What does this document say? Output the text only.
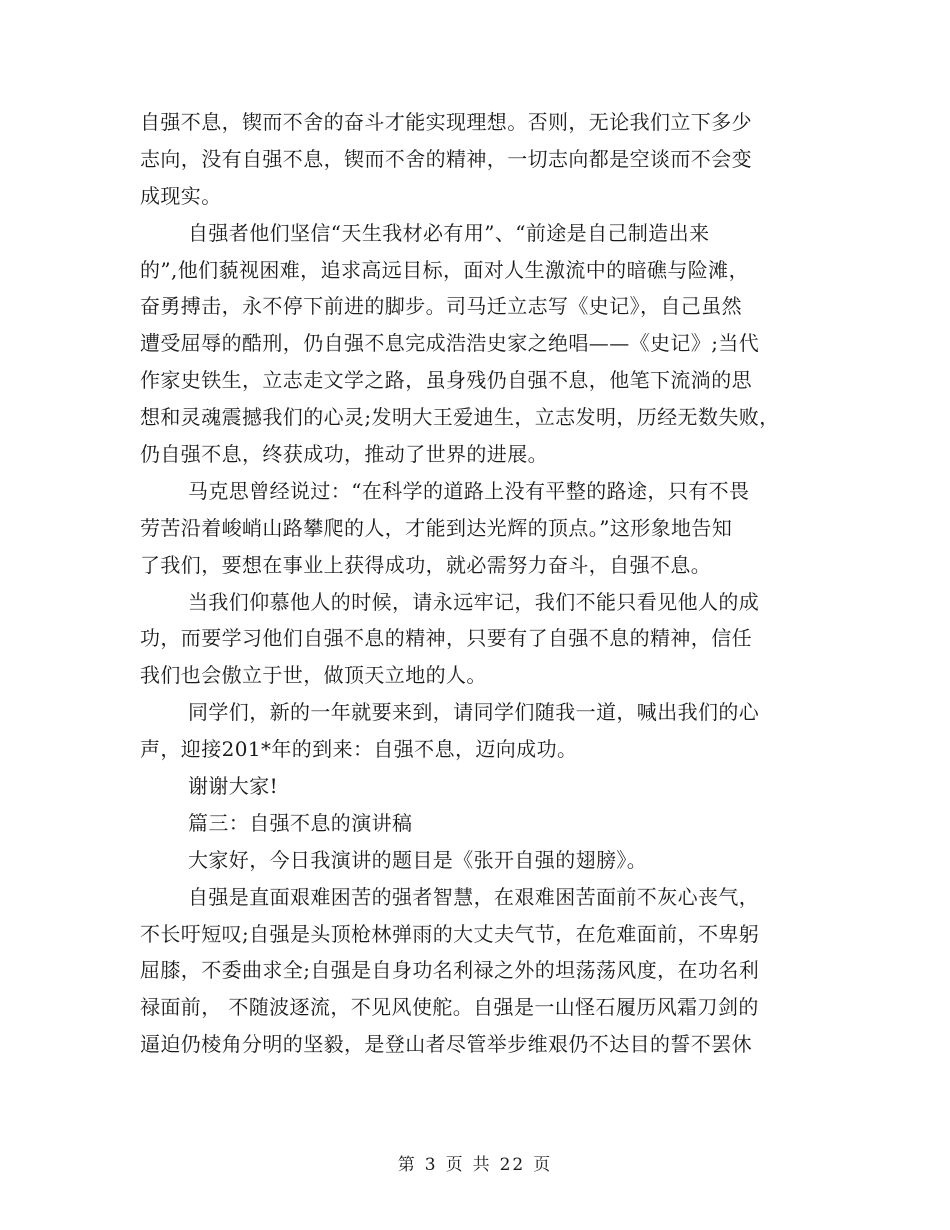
自强不息，锲而不舍的奋斗才能实现理想。否则，无论我们立下多少
志向，没有自强不息，锲而不舍的精神，一切志向都是空谈而不会变
成现实。
自强者他们坚信“天生我材必有用”、“前途是自己制造出来
的”,他们藐视困难，追求高远目标，面对人生激流中的暗礁与险滩，
奋勇搏击，永不停下前进的脚步。司马迁立志写《史记》，自己虽然
遭受屈辱的酷刑，仍自强不息完成浩浩史家之绝唱——《史记》;当代
作家史铁生，立志走文学之路，虽身残仍自强不息，他笔下流淌的思
想和灵魂震撼我们的心灵;发明大王爱迪生，立志发明，历经无数失败，
仍自强不息，终获成功，推动了世界的进展。
马克思曾经说过：“在科学的道路上没有平整的路途，只有不畏
劳苦沿着峻峭山路攀爬的人，才能到达光辉的顶点。”这形象地告知
了我们，要想在事业上获得成功，就必需努力奋斗，自强不息。
当我们仰慕他人的时候，请永远牢记，我们不能只看见他人的成
功，而要学习他们自强不息的精神，只要有了自强不息的精神，信任
我们也会傲立于世，做顶天立地的人。
同学们，新的一年就要来到，请同学们随我一道，喊出我们的心
声，迎接201*年的到来：自强不息，迈向成功。
谢谢大家!
篇三：自强不息的演讲稿
大家好，今日我演讲的题目是《张开自强的翅膀》。
自强是直面艰难困苦的强者智慧，在艰难困苦面前不灰心丧气，
不长吁短叹;自强是头顶枪林弹雨的大丈夫气节，在危难面前，不卑躬
屈膝，不委曲求全;自强是自身功名利禄之外的坦荡荡风度，在功名利
禄面前， 不随波逐流，不见风使舵。自强是一山怪石履历风霜刀剑的
逼迫仍棱角分明的坚毅，是登山者尽管举步维艰仍不达目的誓不罢休
第 3 页 共 22 页
